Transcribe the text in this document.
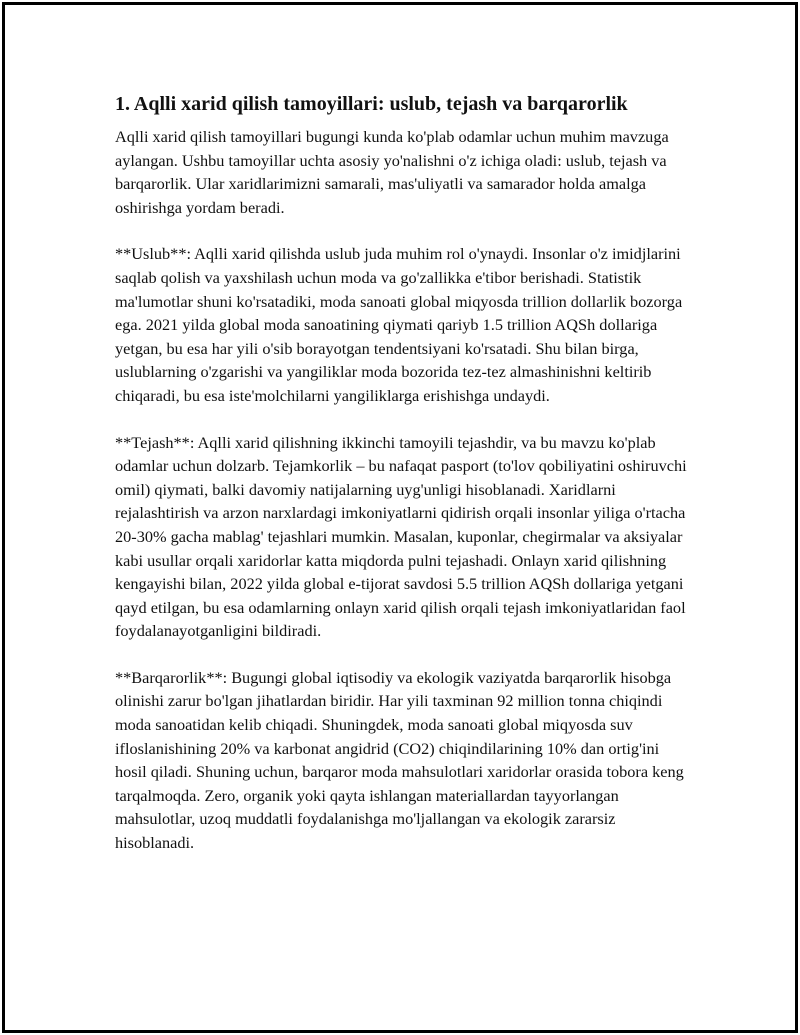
1. Aqlli xarid qilish tamoyillari: uslub, tejash va barqarorlik

Aqlli xarid qilish tamoyillari bugungi kunda ko'plab odamlar uchun muhim mavzuga aylangan. Ushbu tamoyillar uchta asosiy yo'nalishni o'z ichiga oladi: uslub, tejash va barqarorlik. Ular xaridlarimizni samarali, mas'uliyatli va samarador holda amalga oshirishga yordam beradi.

**Uslub**: Aqlli xarid qilishda uslub juda muhim rol o'ynaydi. Insonlar o'z imidjlarini saqlab qolish va yaxshilash uchun moda va go'zallikka e'tibor berishadi. Statistik ma'lumotlar shuni ko'rsatadiki, moda sanoati global miqyosda trillion dollarlik bozorga ega. 2021 yilda global moda sanoatining qiymati qariyb 1.5 trillion AQSh dollariga yetgan, bu esa har yili o'sib borayotgan tendentsiyani ko'rsatadi. Shu bilan birga, uslublarning o'zgarishi va yangiliklar moda bozorida tez-tez almashinishni keltirib chiqaradi, bu esa iste'molchilarni yangiliklarga erishishga undaydi.

**Tejash**: Aqlli xarid qilishning ikkinchi tamoyili tejashdir, va bu mavzu ko'plab odamlar uchun dolzarb. Tejamkorlik – bu nafaqat pasport (to'lov qobiliyatini oshiruvchi omil) qiymati, balki davomiy natijalarning uyg'unligi hisoblanadi. Xaridlarni rejalashtirish va arzon narxlardagi imkoniyatlarni qidirish orqali insonlar yiliga o'rtacha 20-30% gacha mablag' tejashlari mumkin. Masalan, kuponlar, chegirmalar va aksiyalar kabi usullar orqali xaridorlar katta miqdorda pulni tejashadi. Onlayn xarid qilishning kengayishi bilan, 2022 yilda global e-tijorat savdosi 5.5 trillion AQSh dollariga yetgani qayd etilgan, bu esa odamlarning onlayn xarid qilish orqali tejash imkoniyatlaridan faol foydalanayotganligini bildiradi.

**Barqarorlik**: Bugungi global iqtisodiy va ekologik vaziyatda barqarorlik hisobga olinishi zarur bo'lgan jihatlardan biridir. Har yili taxminan 92 million tonna chiqindi moda sanoatidan kelib chiqadi. Shuningdek, moda sanoati global miqyosda suv ifloslanishining 20% va karbonat angidrid (CO2) chiqindilarining 10% dan ortig'ini hosil qiladi. Shuning uchun, barqaror moda mahsulotlari xaridorlar orasida tobora keng tarqalmoqda. Zero, organik yoki qayta ishlangan materiallardan tayyorlangan mahsulotlar, uzoq muddatli foydalanishga mo'ljallangan va ekologik zararsiz hisoblanadi.
